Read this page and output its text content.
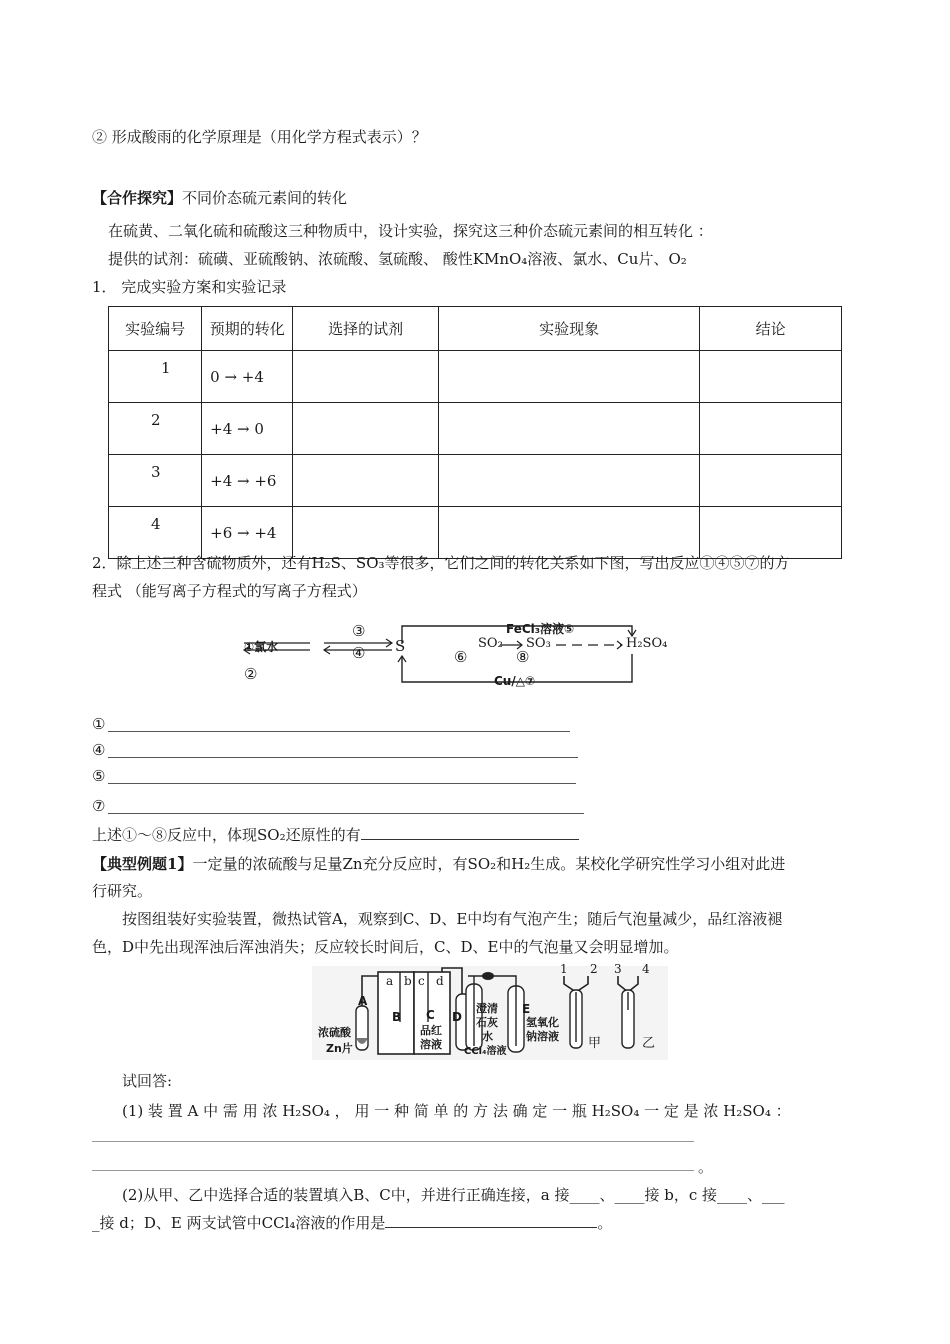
② 形成酸雨的化学原理是（用化学方程式表示）？
【合作探究】不同价态硫元素间的转化
在硫黄、二氧化硫和硫酸这三种物质中，设计实验，探究这三种价态硫元素间的相互转化 ：
提供的试剂：硫磺、亚硫酸钠、浓硫酸、氢硫酸、 酸性KMnO₄溶液、氯水、Cu片、O₂
1． 完成实验方案和实验记录
实验编号	预期的转化	选择的试剂	实验现象	结论
1	0 → +4			
2	+4 → 0			
3	+4 → +6			
4	+6 → +4			
2．除上述三种含硫物质外，还有H₂S、SO₃等很多，它们之间的转化关系如下图，写出反应①④⑤⑦的方
程式 （能写离子方程式的写离子方程式）
①氯水
②
③
④ S
FeCl₃溶液⑤
⑥	⑧
SO₂ SO₃	H₂SO₄
Cu/△⑦
①
④
⑤
⑦
上述①～⑧反应中，体现SO₂还原性的有
【典型例题1】一定量的浓硫酸与足量Zn充分反应时，有SO₂和H₂生成。某校化学研究性学习小组对此进
行研究。
按图组装好实验装置，微热试管A，观察到C、D、E中均有气泡产生；随后气泡量减少，品红溶液褪
色，D中先出现浑浊后浑浊消失；反应较长时间后，C、D、E中的气泡量又会明显增加。
A
浓硫酸
Zn片
a b c d
B C
品红
溶液
D
澄清
石灰
水
CCl₄溶液
E
氢氧化
钠溶液
1 2 3 4
甲	乙
试回答:
(1) 装 置 A 中 需 用 浓 H₂SO₄ ， 用 一 种 简 单 的 方 法 确 定 一 瓶 H₂SO₄ 一 定 是 浓 H₂SO₄ ：
。
(2)从甲、乙中选择合适的装置填入B、C中，并进行正确连接，a 接____、____接 b，c 接____、___
_接 d；D、E 两支试管中CCl₄溶液的作用是	。
